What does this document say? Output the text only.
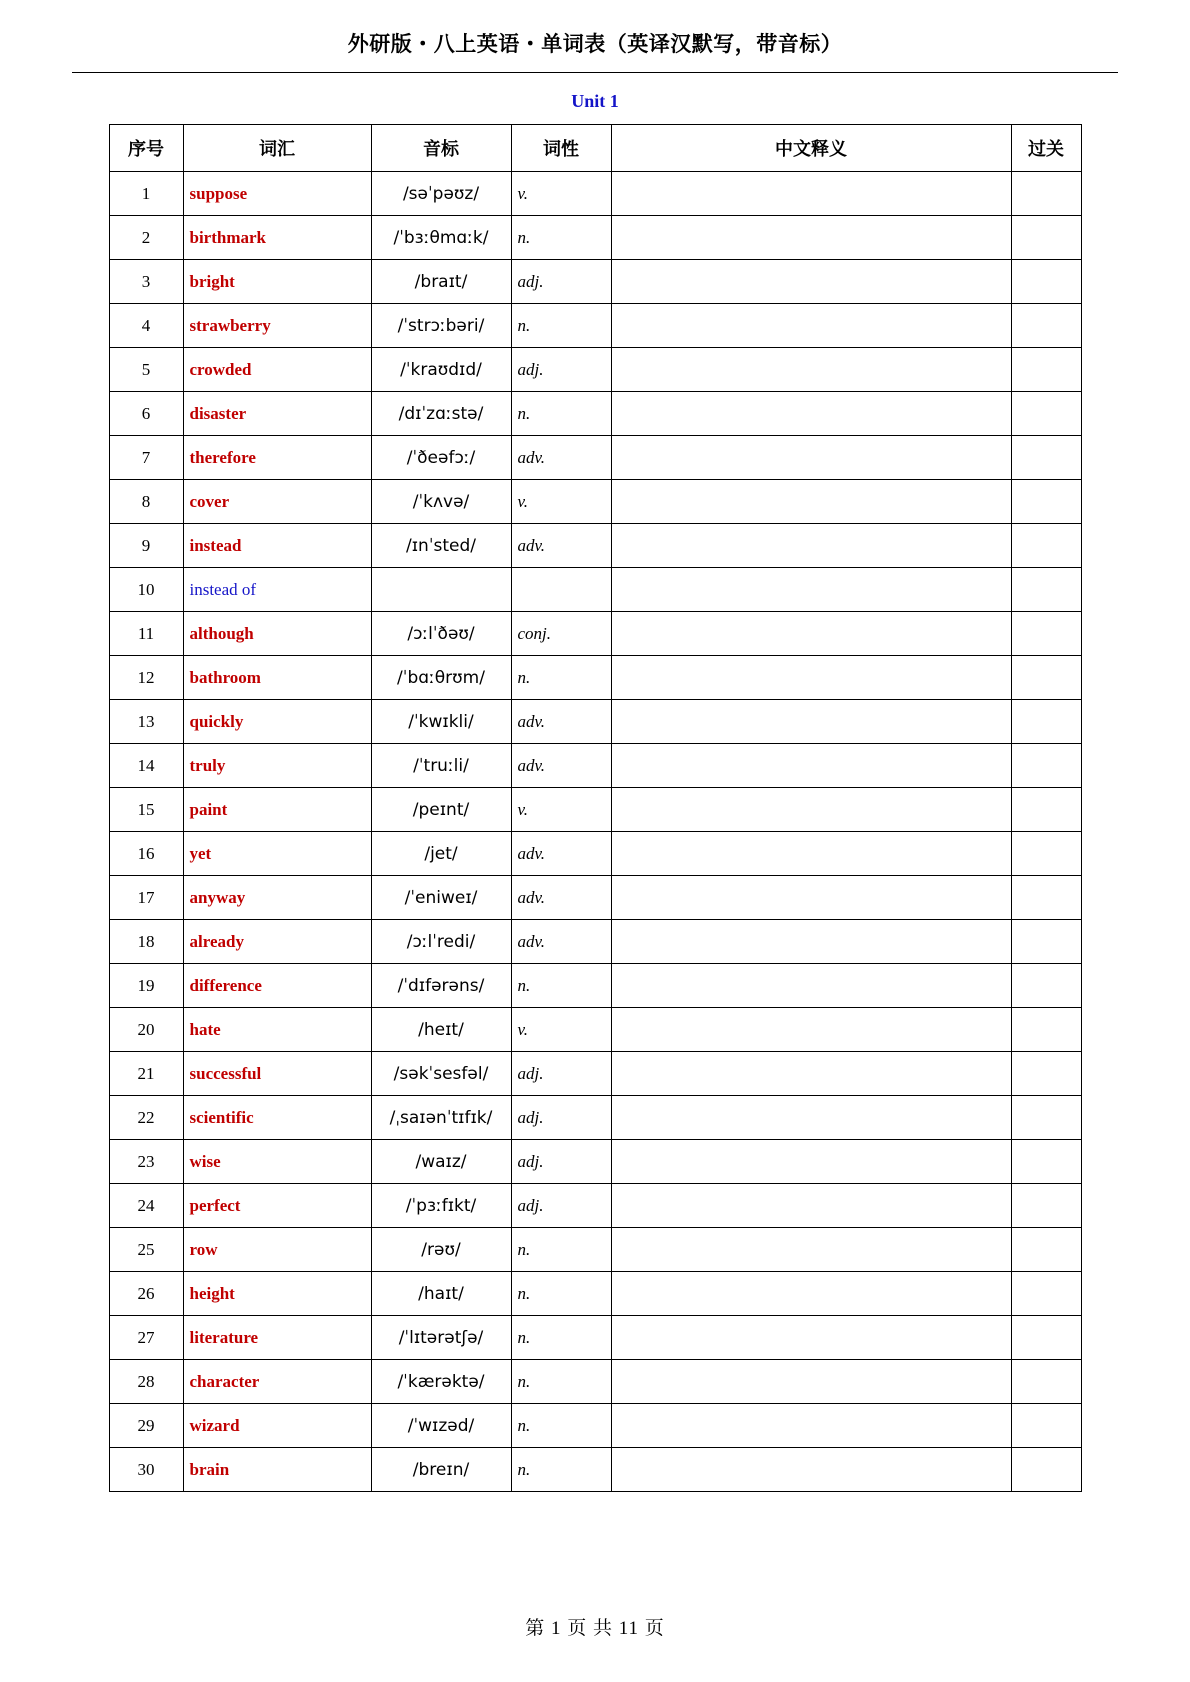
外研版・八上英语・单词表（英译汉默写，带音标）
Unit 1
序号	词汇	音标	词性	中文释义	过关
1	suppose	/səˈpəʊz/	v.		
2	birthmark	/ˈbɜːθmɑːk/	n.		
3	bright	/braɪt/	adj.		
4	strawberry	/ˈstrɔːbəri/	n.		
5	crowded	/ˈkraʊdɪd/	adj.		
6	disaster	/dɪˈzɑːstə/	n.		
7	therefore	/ˈðeəfɔː/	adv.		
8	cover	/ˈkʌvə/	v.		
9	instead	/ɪnˈsted/	adv.		
10	instead of				
11	although	/ɔːlˈðəʊ/	conj.		
12	bathroom	/ˈbɑːθrʊm/	n.		
13	quickly	/ˈkwɪkli/	adv.		
14	truly	/ˈtruːli/	adv.		
15	paint	/peɪnt/	v.		
16	yet	/jet/	adv.		
17	anyway	/ˈeniweɪ/	adv.		
18	already	/ɔːlˈredi/	adv.		
19	difference	/ˈdɪfərəns/	n.		
20	hate	/heɪt/	v.		
21	successful	/səkˈsesfəl/	adj.		
22	scientific	/ˌsaɪənˈtɪfɪk/	adj.		
23	wise	/waɪz/	adj.		
24	perfect	/ˈpɜːfɪkt/	adj.		
25	row	/rəʊ/	n.		
26	height	/haɪt/	n.		
27	literature	/ˈlɪtərətʃə/	n.		
28	character	/ˈkærəktə/	n.		
29	wizard	/ˈwɪzəd/	n.		
30	brain	/breɪn/	n.		
第 1 页 共 11 页
